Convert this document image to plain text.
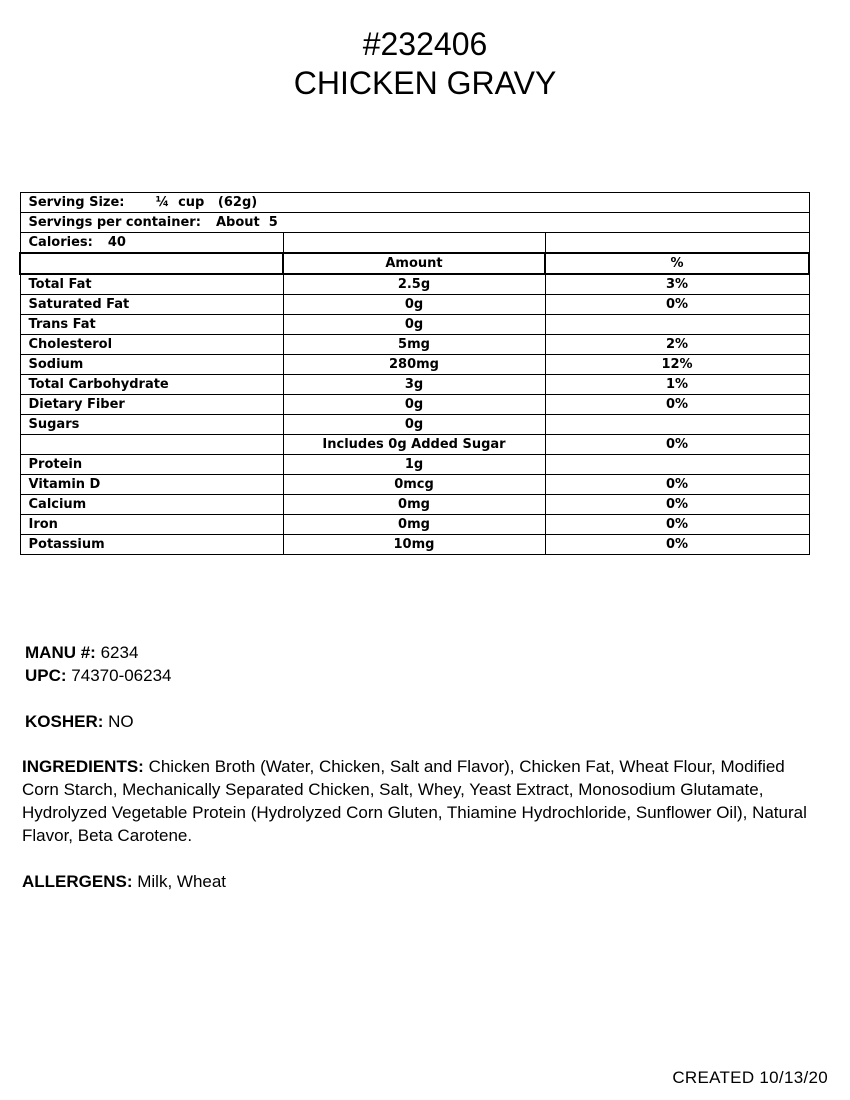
#232406
CHICKEN GRAVY
Serving Size: ¼  cup   (62g)		
Servings per container: About  5		
Calories: 40		
	Amount	%
Total Fat	2.5g	3%
Saturated Fat	0g	0%
Trans Fat	0g	
Cholesterol	5mg	2%
Sodium	280mg	12%
Total Carbohydrate	3g	1%
Dietary Fiber	0g	0%
Sugars	0g	
	Includes 0g Added Sugar	0%
Protein	1g	
Vitamin D	0mcg	0%
Calcium	0mg	0%
Iron	0mg	0%
Potassium	10mg	0%
MANU #: 6234
UPC: 74370-06234
KOSHER: NO
INGREDIENTS: Chicken Broth (Water, Chicken, Salt and Flavor), Chicken Fat, Wheat Flour, Modified Corn Starch, Mechanically Separated Chicken, Salt, Whey, Yeast Extract, Monosodium Glutamate, Hydrolyzed Vegetable Protein (Hydrolyzed Corn Gluten, Thiamine Hydrochloride, Sunflower Oil), Natural Flavor, Beta Carotene.
ALLERGENS: Milk, Wheat
CREATED 10/13/20
